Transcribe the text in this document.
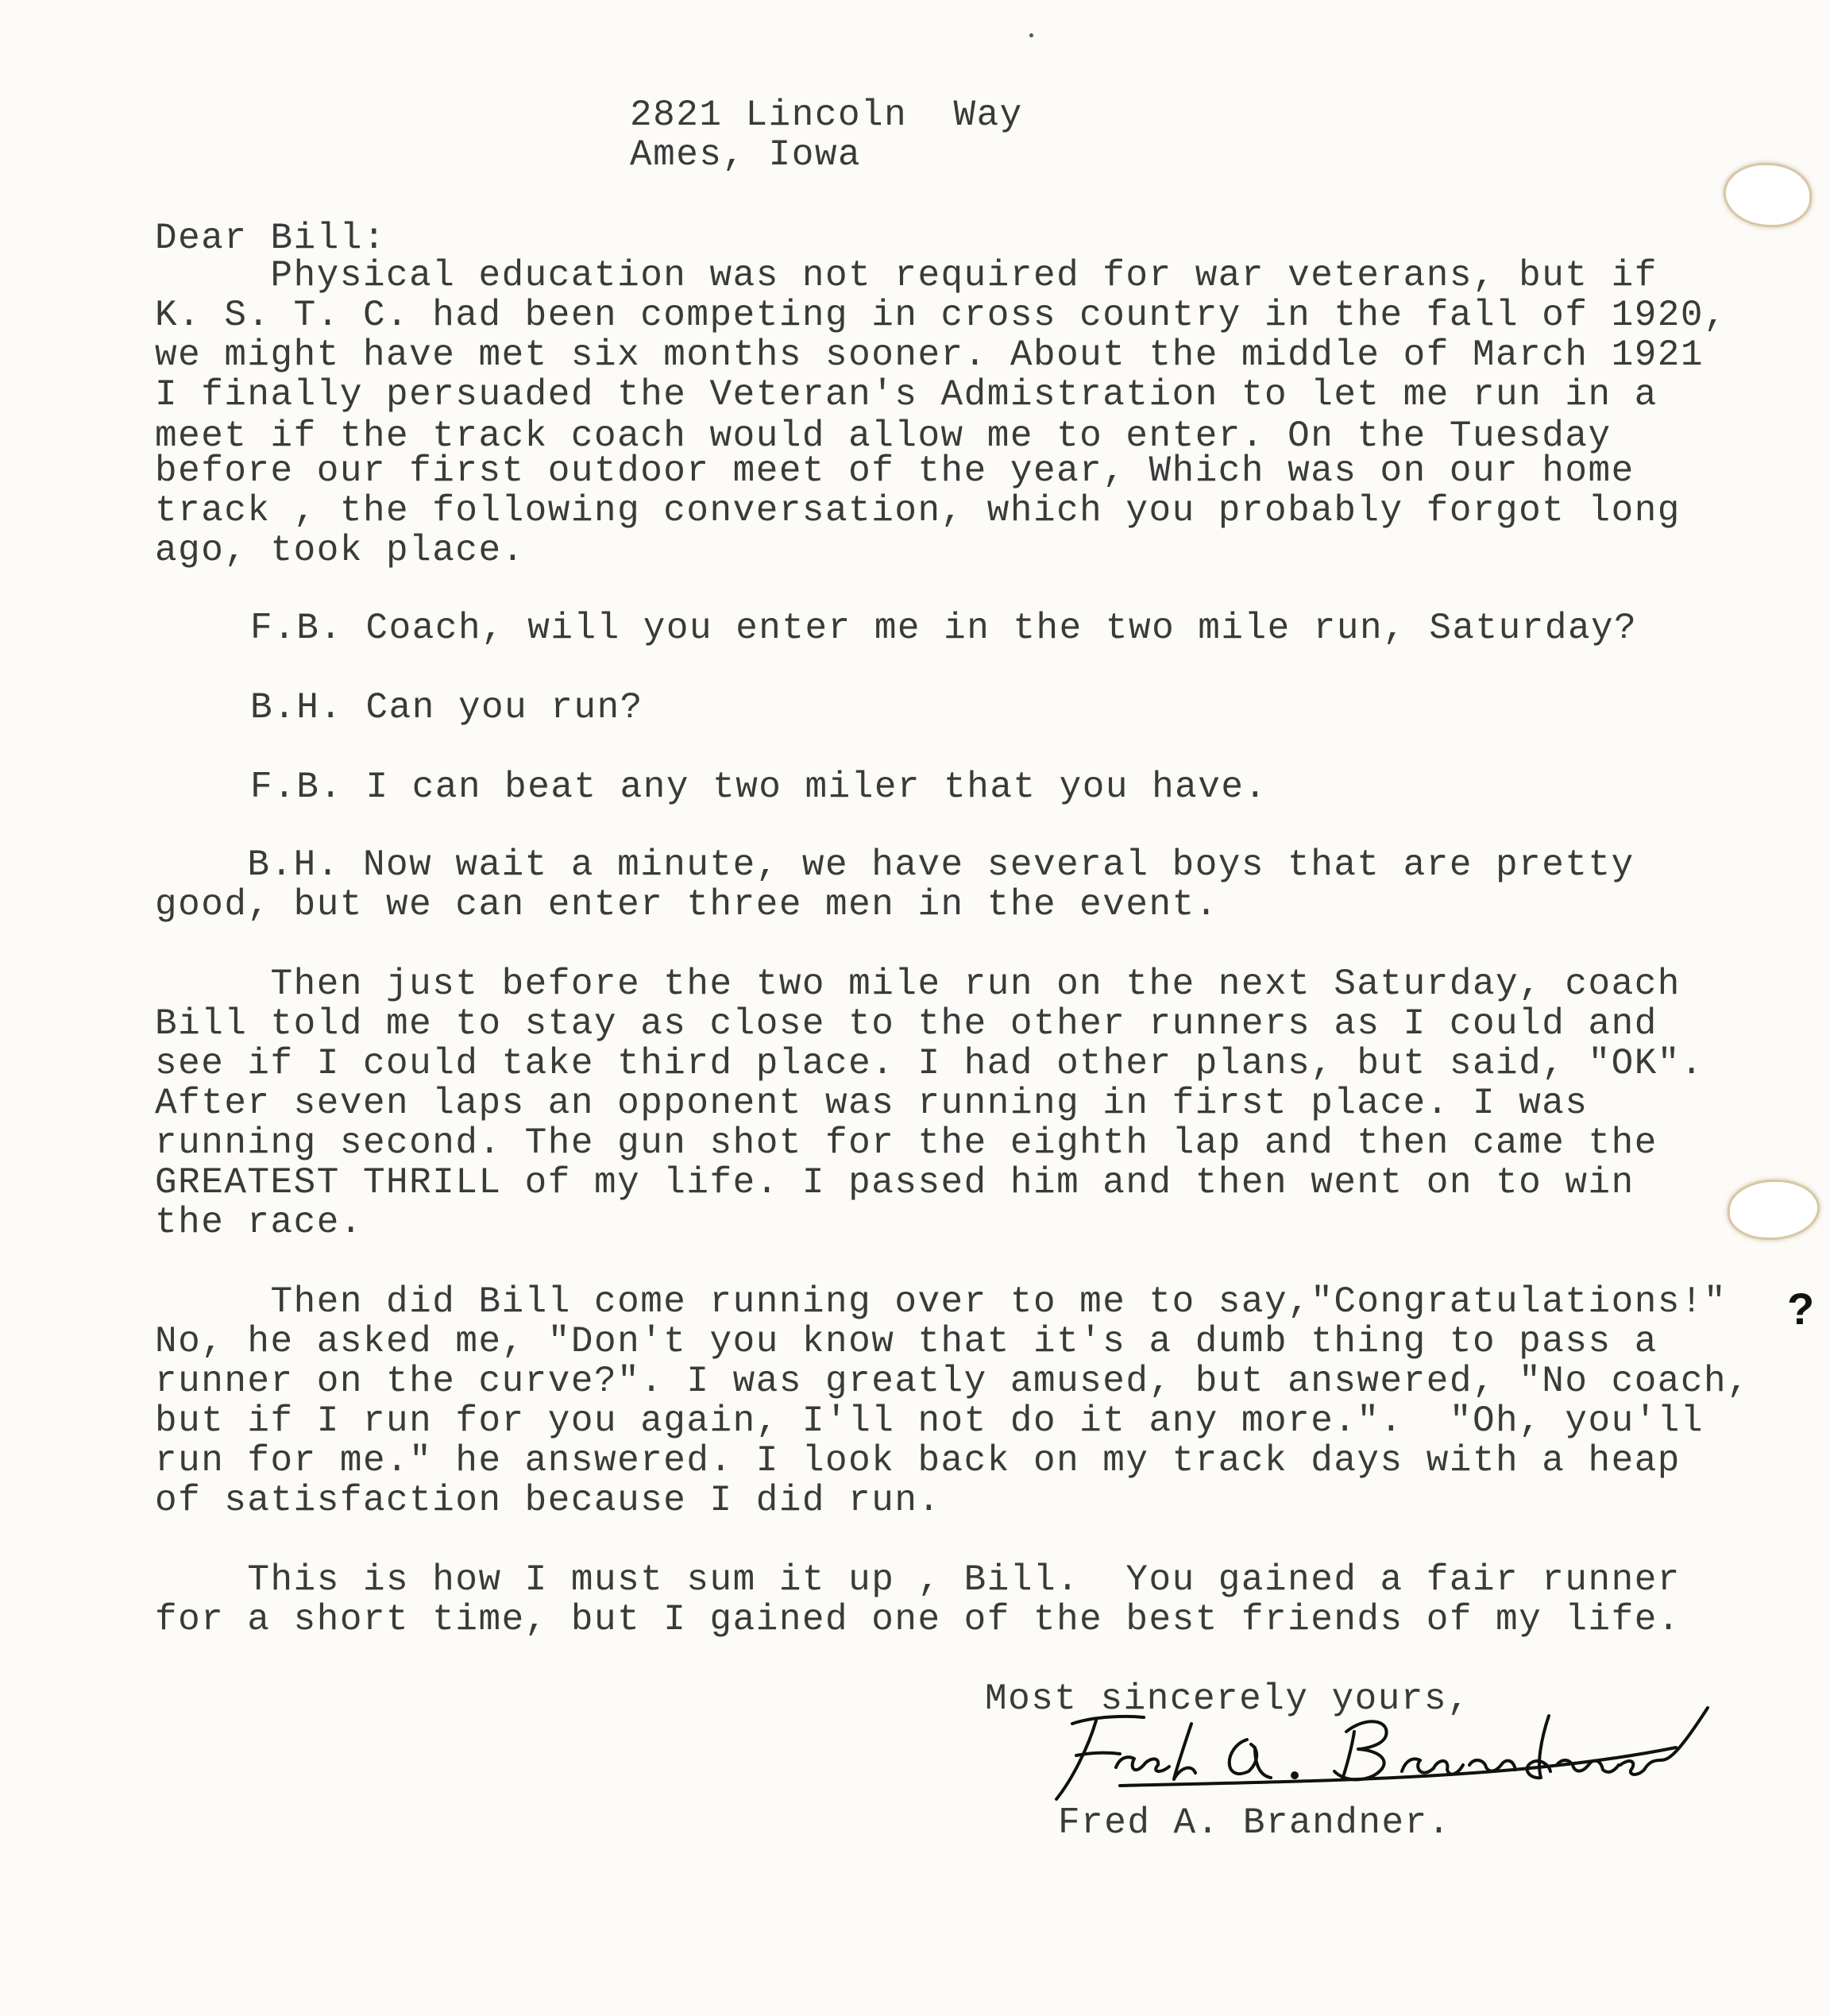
2821 Lincoln  Way
Ames, Iowa
Dear Bill:
Physical education was not required for war veterans, but if
K. S. T. C. had been competing in cross country in the fall of 1920,
we might have met six months sooner. About the middle of March 1921
I finally persuaded the Veteran's Admistration to let me run in a
meet if the track coach would allow me to enter. On the Tuesday
before our first outdoor meet of the year, Which was on our home
track , the following conversation, which you probably forgot long
ago, took place.
F.B. Coach, will you enter me in the two mile run, Saturday?
B.H. Can you run?
F.B. I can beat any two miler that you have.
B.H. Now wait a minute, we have several boys that are pretty
good, but we can enter three men in the event.
Then just before the two mile run on the next Saturday, coach
Bill told me to stay as close to the other runners as I could and
see if I could take third place. I had other plans, but said, "OK".
After seven laps an opponent was running in first place. I was
running second. The gun shot for the eighth lap and then came the
GREATEST THRILL of my life. I passed him and then went on to win
the race.
Then did Bill come running over to me to say,"Congratulations!"
No, he asked me, "Don't you know that it's a dumb thing to pass a
runner on the curve?". I was greatly amused, but answered, "No coach,
but if I run for you again, I'll not do it any more.".  "Oh, you'll
run for me." he answered. I look back on my track days with a heap
of satisfaction because I did run.
?
This is how I must sum it up , Bill.  You gained a fair runner
for a short time, but I gained one of the best friends of my life.
Most sincerely yours,
Fred A. Brandner.
